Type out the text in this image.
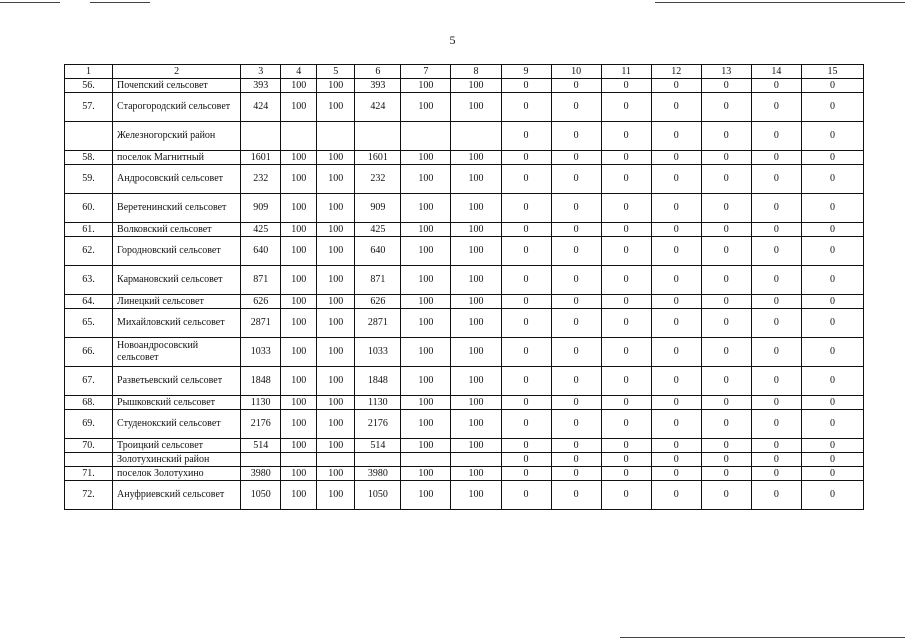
5
1	2	3	4	5	6	7	8	9	10	11	12	13	14	15
56.	Почепский сельсовет	393	100	100	393	100	100	0	0	0	0	0	0	0
57.	Старогородский сельсовет	424	100	100	424	100	100	0	0	0	0	0	0	0
	Железногорский район							0	0	0	0	0	0	0
58.	поселок Магнитный	1601	100	100	1601	100	100	0	0	0	0	0	0	0
59.	Андросовский сельсовет	232	100	100	232	100	100	0	0	0	0	0	0	0
60.	Веретенинский сельсовет	909	100	100	909	100	100	0	0	0	0	0	0	0
61.	Волковский сельсовет	425	100	100	425	100	100	0	0	0	0	0	0	0
62.	Городновский сельсовет	640	100	100	640	100	100	0	0	0	0	0	0	0
63.	Кармановский сельсовет	871	100	100	871	100	100	0	0	0	0	0	0	0
64.	Линецкий сельсовет	626	100	100	626	100	100	0	0	0	0	0	0	0
65.	Михайловский сельсовет	2871	100	100	2871	100	100	0	0	0	0	0	0	0
66.	Новоандросовский сельсовет	1033	100	100	1033	100	100	0	0	0	0	0	0	0
67.	Разветьевский сельсовет	1848	100	100	1848	100	100	0	0	0	0	0	0	0
68.	Рышковский сельсовет	1130	100	100	1130	100	100	0	0	0	0	0	0	0
69.	Студенокский сельсовет	2176	100	100	2176	100	100	0	0	0	0	0	0	0
70.	Троицкий сельсовет	514	100	100	514	100	100	0	0	0	0	0	0	0
	Золотухинский район							0	0	0	0	0	0	0
71.	поселок Золотухино	3980	100	100	3980	100	100	0	0	0	0	0	0	0
72.	Ануфриевский сельсовет	1050	100	100	1050	100	100	0	0	0	0	0	0	0
